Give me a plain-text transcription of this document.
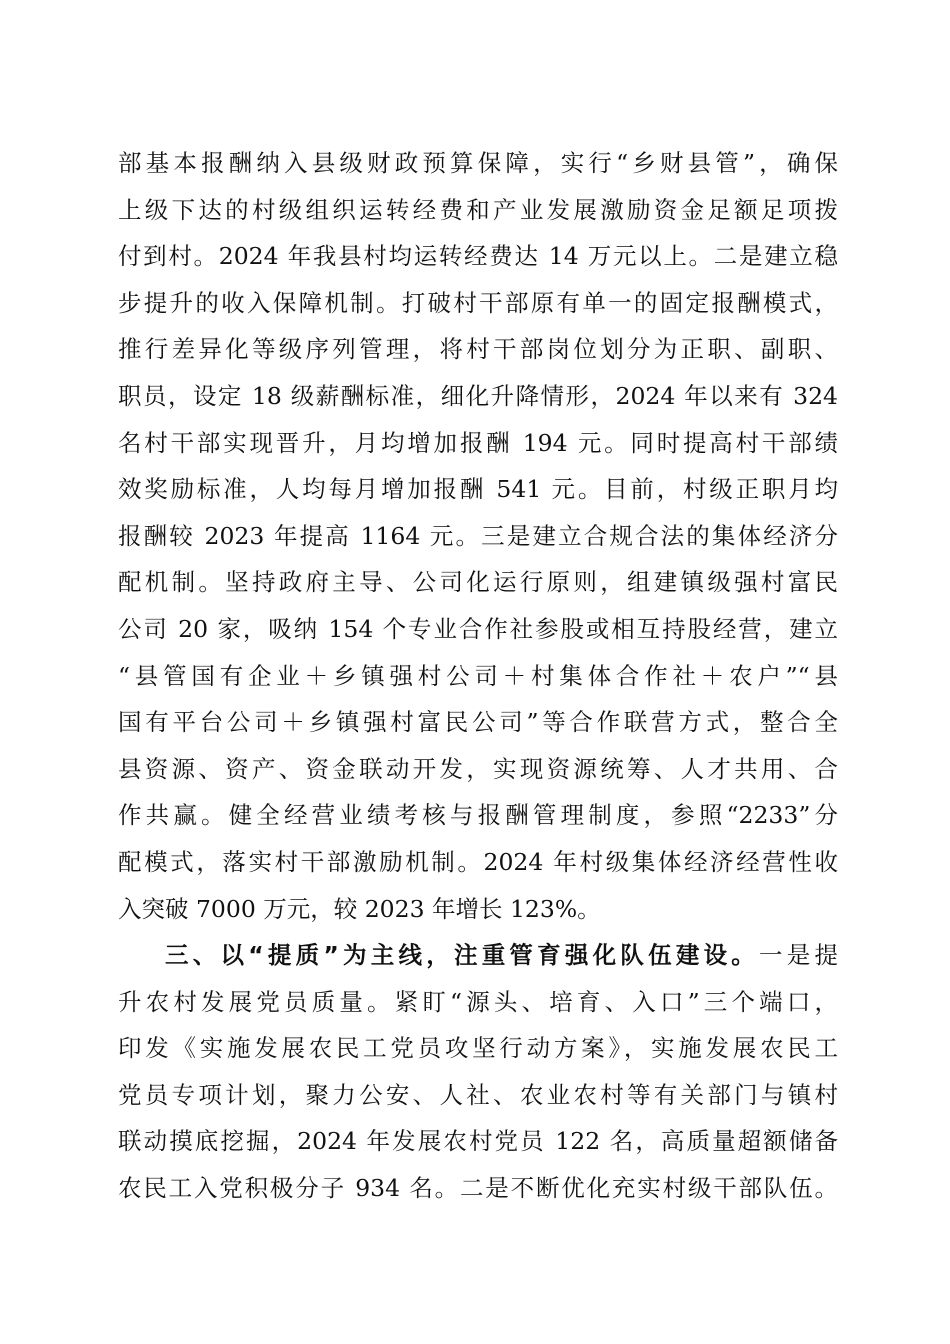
部基本报酬纳入县级财政预算保障，实行“乡财县管”，确保
上级下达的村级组织运转经费和产业发展激励资金足额足项拨
付到村。2024 年我县村均运转经费达 14 万元以上。二是建立稳
步提升的收入保障机制。打破村干部原有单一的固定报酬模式，
推行差异化等级序列管理，将村干部岗位划分为正职、副职、
职员，设定 18 级薪酬标准，细化升降情形，2024 年以来有 324
名村干部实现晋升，月均增加报酬 194 元。同时提高村干部绩
效奖励标准，人均每月增加报酬 541 元。目前，村级正职月均
报酬较 2023 年提高 1164 元。三是建立合规合法的集体经济分
配机制。坚持政府主导、公司化运行原则，组建镇级强村富民
公司 20 家，吸纳 154 个专业合作社参股或相互持股经营，建立
“县管国有企业＋乡镇强村公司＋村集体合作社＋农户”“县
国有平台公司＋乡镇强村富民公司”等合作联营方式，整合全
县资源、资产、资金联动开发，实现资源统筹、人才共用、合
作共赢。健全经营业绩考核与报酬管理制度，参照“2233”分
配模式，落实村干部激励机制。2024 年村级集体经济经营性收
入突破 7000 万元，较 2023 年增长 123%。
三、以“提质”为主线，注重管育强化队伍建设。一是提
升农村发展党员质量。紧盯“源头、培育、入口”三个端口，
印发《实施发展农民工党员攻坚行动方案》，实施发展农民工
党员专项计划，聚力公安、人社、农业农村等有关部门与镇村
联动摸底挖掘，2024 年发展农村党员 122 名，高质量超额储备
农民工入党积极分子 934 名。二是不断优化充实村级干部队伍。
